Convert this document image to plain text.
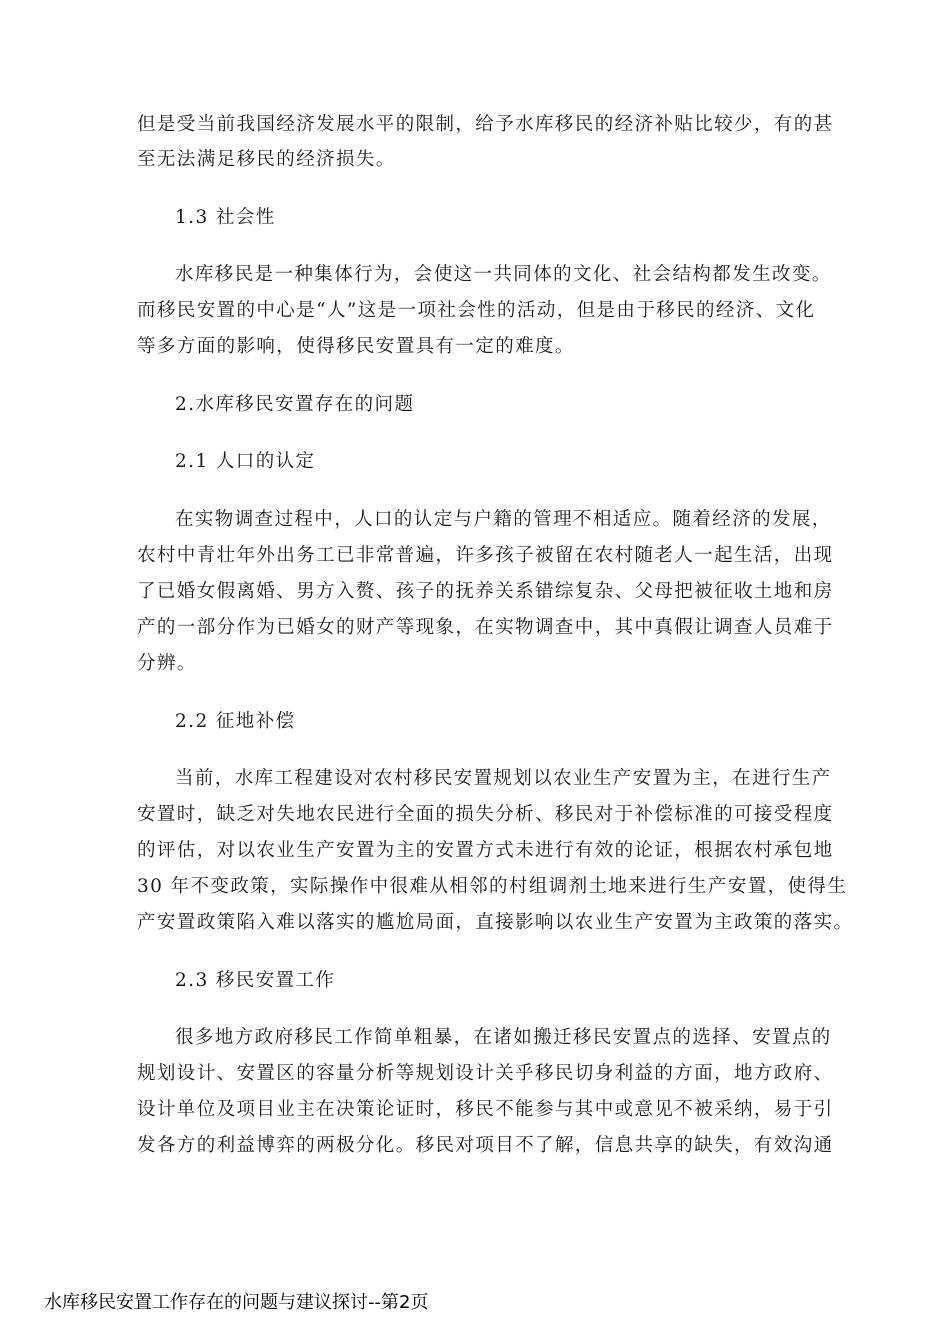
但是受当前我国经济发展水平的限制，给予水库移民的经济补贴比较少，有的甚
至无法满足移民的经济损失。
1.3 社会性
水库移民是一种集体行为，会使这一共同体的文化、社会结构都发生改变。
而移民安置的中心是“人”这是一项社会性的活动，但是由于移民的经济、文化
等多方面的影响，使得移民安置具有一定的难度。
2.水库移民安置存在的问题
2.1 人口的认定
在实物调查过程中，人口的认定与户籍的管理不相适应。随着经济的发展，
农村中青壮年外出务工已非常普遍，许多孩子被留在农村随老人一起生活，出现
了已婚女假离婚、男方入赘、孩子的抚养关系错综复杂、父母把被征收土地和房
产的一部分作为已婚女的财产等现象，在实物调查中，其中真假让调查人员难于
分辨。
2.2 征地补偿
当前，水库工程建设对农村移民安置规划以农业生产安置为主，在进行生产
安置时，缺乏对失地农民进行全面的损失分析、移民对于补偿标准的可接受程度
的评估，对以农业生产安置为主的安置方式未进行有效的论证，根据农村承包地
30 年不变政策，实际操作中很难从相邻的村组调剂土地来进行生产安置，使得生
产安置政策陷入难以落实的尴尬局面，直接影响以农业生产安置为主政策的落实。
2.3 移民安置工作
很多地方政府移民工作简单粗暴，在诸如搬迁移民安置点的选择、安置点的
规划设计、安置区的容量分析等规划设计关乎移民切身利益的方面，地方政府、
设计单位及项目业主在决策论证时，移民不能参与其中或意见不被采纳，易于引
发各方的利益博弈的两极分化。移民对项目不了解，信息共享的缺失，有效沟通
水库移民安置工作存在的问题与建议探讨--第2页
